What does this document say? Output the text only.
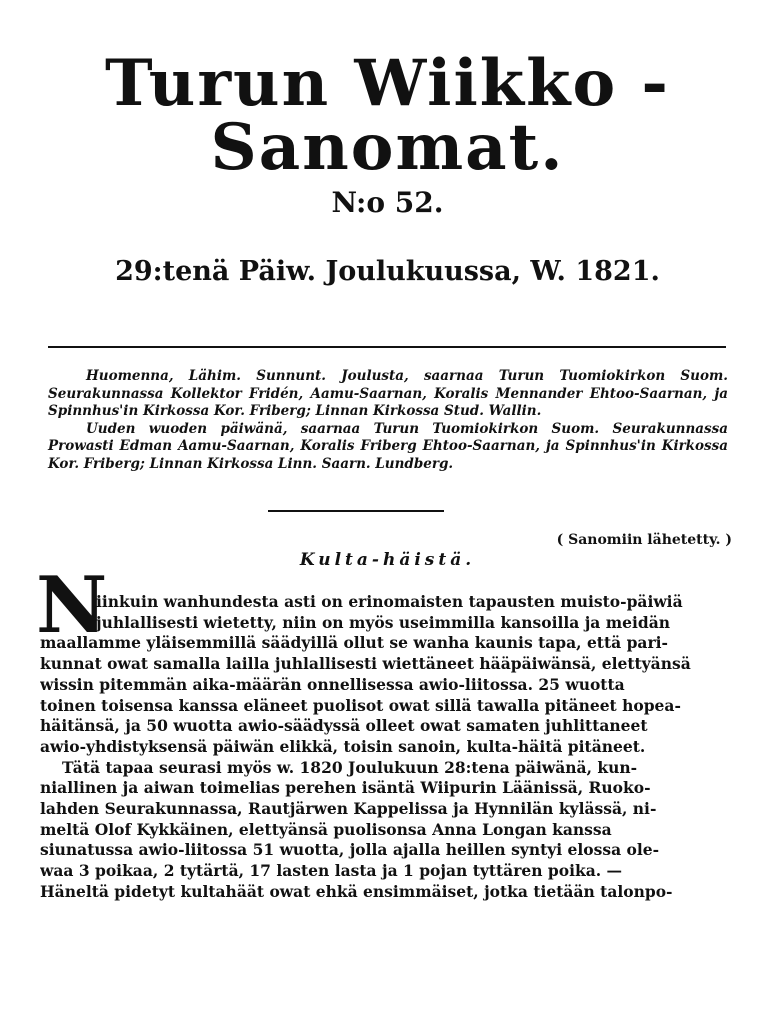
Turun Wiikko - Sanomat.
N:o 52.
29:tenä Päiw. Joulukuussa, W. 1821.

Huomenna, Lähim. Sunnunt. Joulusta, saarnaa Turun Tuomiokirkon Suom. Seurakunnassa Kollektor Fridén, Aamu-Saarnan, Koralis Mennander Ehtoo-Saarnan, ja Spinnhus'in Kirkossa Kor. Friberg; Linnan Kirkossa Stud. Wallin.

Uuden wuoden päiwänä, saarnaa Turun Tuomiokirkon Suom. Seurakunnassa Prowasti Edman Aamu-Saarnan, Koralis Friberg Ehtoo-Saarnan, ja Spinnhus'in Kirkossa Kor. Friberg; Linnan Kirkossa Linn. Saarn. Lundberg.

( Sanomiin lähetetty. )
Kulta-häistä.
N
iinkuin wanhundesta asti on erinomaisten tapausten muisto-päiwiä
juhlallisesti wietetty, niin on myös useimmilla kansoilla ja meidän
maallamme yläisemmillä säädyillä ollut se wanha kaunis tapa, että pari-
kunnat owat samalla lailla juhlallisesti wiettäneet hääpäiwänsä, elettyänsä
wissin pitemmän aika-määrän onnellisessa awio-liitossa. 25 wuotta
toinen toisensa kanssa eläneet puolisot owat sillä tawalla pitäneet hopea-
häitänsä, ja 50 wuotta awio-säädyssä olleet owat samaten juhlittaneet
awio-yhdistyksensä päiwän elikkä, toisin sanoin, kulta-häitä pitäneet.
Tätä tapaa seurasi myös w. 1820 Joulukuun 28:tena päiwänä, kun-
niallinen ja aiwan toimelias perehen isäntä Wiipurin Läänissä, Ruoko-
lahden Seurakunnassa, Rautjärwen Kappelissa ja Hynnilän kylässä, ni-
meltä Olof Kykkäinen, elettyänsä puolisonsa Anna Longan kanssa
siunatussa awio-liitossa 51 wuotta, jolla ajalla heillen syntyi elossa ole-
waa 3 poikaa, 2 tytärtä, 17 lasten lasta ja 1 pojan tyttären poika. —
Häneltä pidetyt kultahäät owat ehkä ensimmäiset, jotka tietään talonpo-
